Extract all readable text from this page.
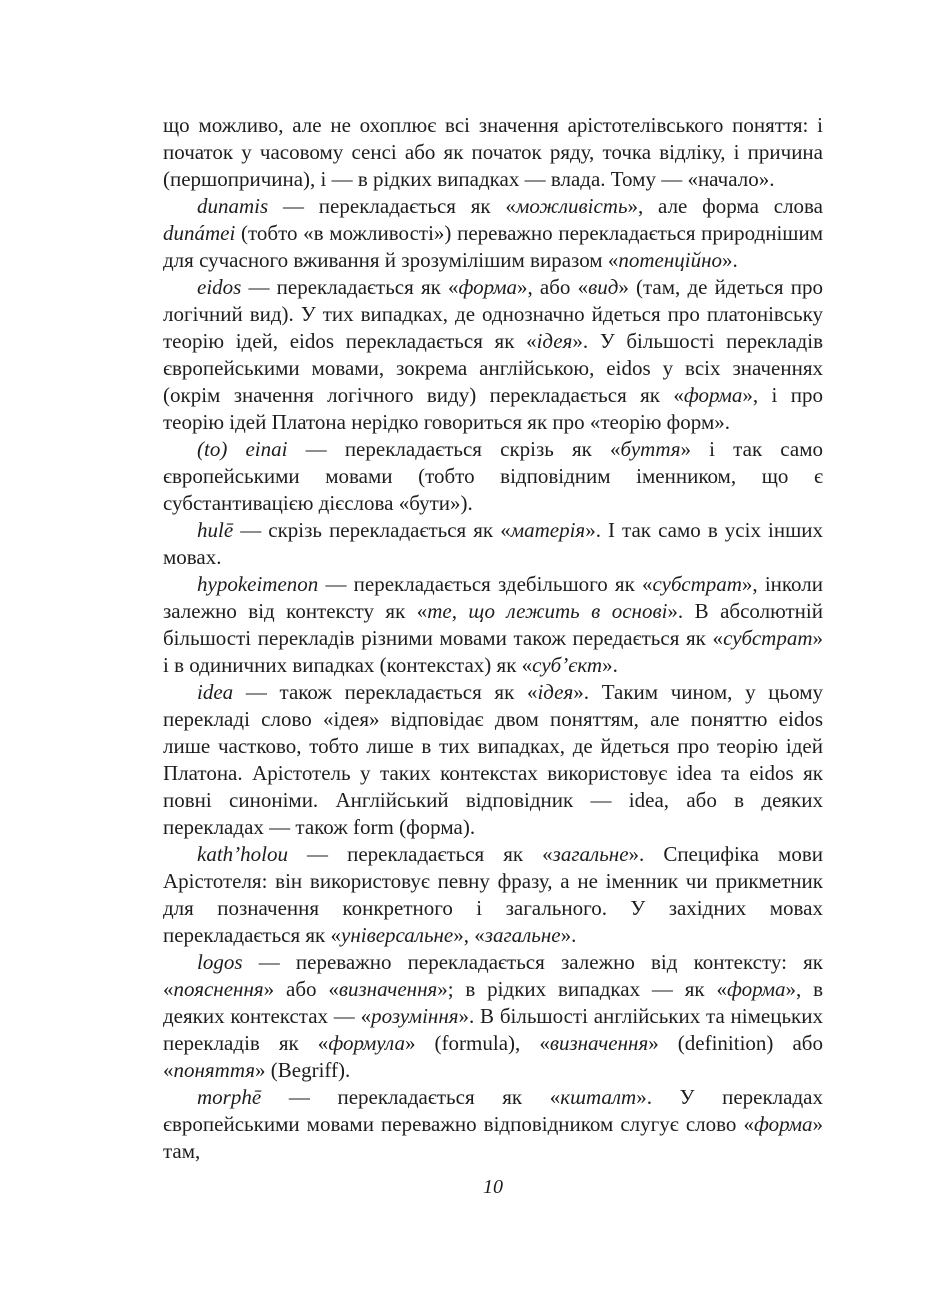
що можливо, але не охоплює всі значення арістотелівського поняття: і початок у часовому сенсі або як початок ряду, точка відліку, і причина (першопричина), і — в рідких випадках — влада. Тому — «начало».

dunamis — перекладається як «можливість», але форма слова dunámei (тобто «в можливості») переважно перекладається природнішим для сучасного вживання й зрозумілішим виразом «потенційно».

eidos — перекладається як «форма», або «вид» (там, де йдеться про логічний вид). У тих випадках, де однозначно йдеться про платонівську теорію ідей, eidos перекладається як «ідея». У більшості перекладів європейськими мовами, зокрема англійською, eidos у всіх значеннях (окрім значення логічного виду) перекладається як «форма», і про теорію ідей Платона нерідко говориться як про «теорію форм».

(to) einai — перекладається скрізь як «буття» і так само європейськими мовами (тобто відповідним іменником, що є субстантивацією дієслова «бути»).

hulē — скрізь перекладається як «матерія». І так само в усіх інших мовах.

hypokeimenon — перекладається здебільшого як «субстрат», інколи залежно від контексту як «те, що лежить в основі». В абсолютній більшості перекладів різними мовами також передається як «субстрат» і в одиничних випадках (контекстах) як «суб’єкт».

idea — також перекладається як «ідея». Таким чином, у цьому перекладі слово «ідея» відповідає двом поняттям, але поняттю eidos лише частково, тобто лише в тих випадках, де йдеться про теорію ідей Платона. Арістотель у таких контекстах використовує idea та eidos як повні синоніми. Англійський відповідник — idea, або в деяких перекладах — також form (форма).

kath’holou — перекладається як «загальне». Специфіка мови Арістотеля: він використовує певну фразу, а не іменник чи прикметник для позначення конкретного і загального. У західних мовах перекладається як «універсальне», «загальне».

logos — переважно перекладається залежно від контексту: як «пояснення» або «визначення»; в рідких випадках — як «форма», в деяких контекстах — «розуміння». В більшості англійських та німецьких перекладів як «формула» (formula), «визначення» (definition) або «поняття» (Begriff).

morphē — перекладається як «кшталт». У перекладах європейськими мовами переважно відповідником слугує слово «форма» там,

10
